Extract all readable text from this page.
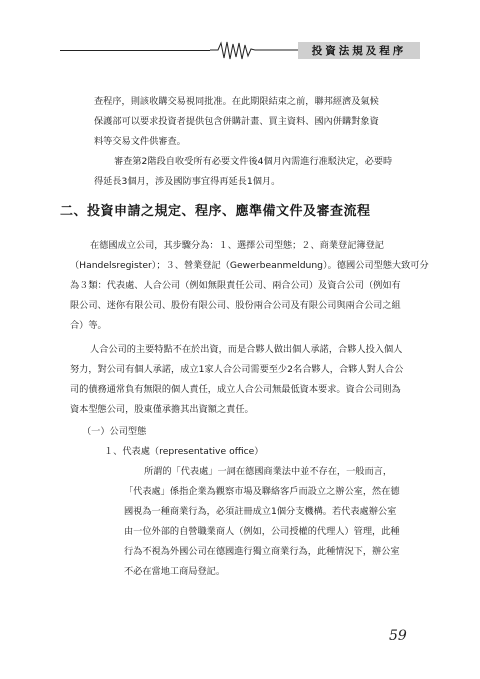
投資法規及程序
查程序，則該收購交易視同批准。在此期限結束之前，聯邦經濟及氣候
保護部可以要求投資者提供包含併購計畫、買主資料、國內併購對象資
料等交易文件供審查。
審查第2階段自收受所有必要文件後4個月內需進行准駁決定，必要時
得延長3個月，涉及國防事宜得再延長1個月。
二、投資申請之規定、程序、應準備文件及審查流程
在德國成立公司，其步驟分為：１、選擇公司型態；２、商業登記簿登記
（Handelsregister）；３、營業登記（Gewerbeanmeldung）。德國公司型態大致可分
為３類：代表處、人合公司（例如無限責任公司、兩合公司）及資合公司（例如有
限公司、迷你有限公司、股份有限公司、股份兩合公司及有限公司與兩合公司之組
合）等。
人合公司的主要特點不在於出資，而是合夥人做出個人承諾，合夥人投入個人
努力，對公司有個人承諾，成立1家人合公司需要至少2名合夥人，合夥人對人合公
司的債務通常負有無限的個人責任，成立人合公司無最低資本要求。資合公司則為
資本型態公司，股東僅承擔其出資額之責任。
（一）公司型態
１、代表處（representative office）
所謂的「代表處」一詞在德國商業法中並不存在，一般而言，
「代表處」係指企業為觀察市場及聯絡客戶而設立之辦公室，然在德
國視為一種商業行為，必須註冊成立1個分支機構。若代表處辦公室
由一位外部的自營職業商人（例如，公司授權的代理人）管理，此種
行為不視為外國公司在德國進行獨立商業行為，此種情況下，辦公室
不必在當地工商局登記。
59
